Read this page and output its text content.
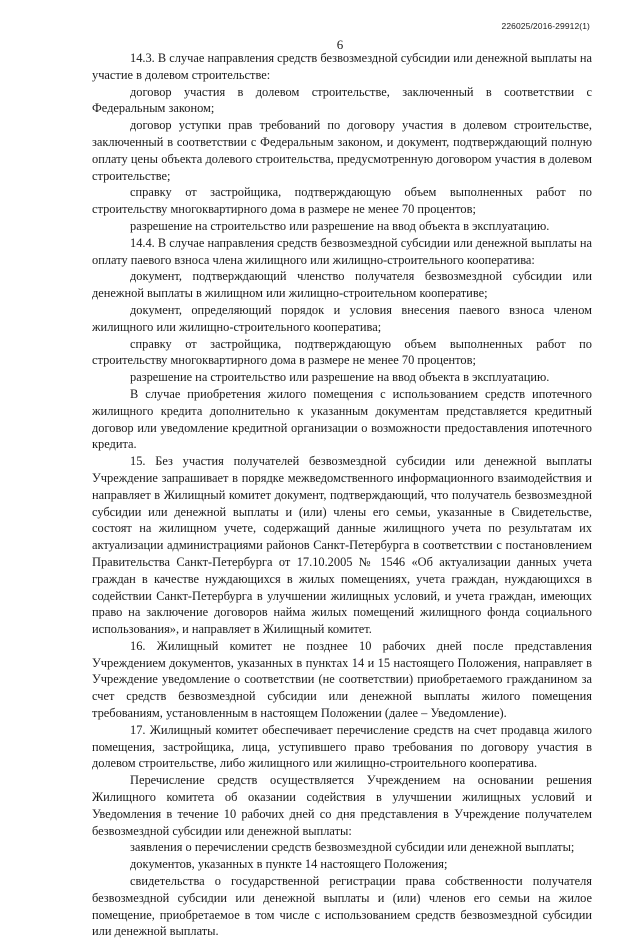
226025/2016-29912(1)
6

14.3. В случае направления средств безвозмездной субсидии или денежной выплаты на участие в долевом строительстве:

договор участия в долевом строительстве, заключенный в соответствии с Федеральным законом;

договор уступки прав требований по договору участия в долевом строительстве, заключенный в соответствии с Федеральным законом, и документ, подтверждающий полную оплату цены объекта долевого строительства, предусмотренную договором участия в долевом строительстве;

справку от застройщика, подтверждающую объем выполненных работ по строительству многоквартирного дома в размере не менее 70 процентов;

разрешение на строительство или разрешение на ввод объекта в эксплуатацию.

14.4. В случае направления средств безвозмездной субсидии или денежной выплаты на оплату паевого взноса члена жилищного или жилищно-строительного кооператива:

документ, подтверждающий членство получателя безвозмездной субсидии или денежной выплаты в жилищном или жилищно-строительном кооперативе;

документ, определяющий порядок и условия внесения паевого взноса членом жилищного или жилищно-строительного кооператива;

справку от застройщика, подтверждающую объем выполненных работ по строительству многоквартирного дома в размере не менее 70 процентов;

разрешение на строительство или разрешение на ввод объекта в эксплуатацию.

В случае приобретения жилого помещения с использованием средств ипотечного жилищного кредита дополнительно к указанным документам представляется кредитный договор или уведомление кредитной организации о возможности предоставления ипотечного кредита.

15. Без участия получателей безвозмездной субсидии или денежной выплаты Учреждение запрашивает в порядке межведомственного информационного взаимодействия и направляет в Жилищный комитет документ, подтверждающий, что получатель безвозмездной субсидии или денежной выплаты и (или) члены его семьи, указанные в Свидетельстве, состоят на жилищном учете, содержащий данные жилищного учета по результатам их актуализации администрациями районов Санкт-Петербурга в соответствии с постановлением Правительства Санкт-Петербурга от 17.10.2005 № 1546 «Об актуализации данных учета граждан в качестве нуждающихся в жилых помещениях, учета граждан, нуждающихся в содействии Санкт-Петербурга в улучшении жилищных условий, и учета граждан, имеющих право на заключение договоров найма жилых помещений жилищного фонда социального использования», и направляет в Жилищный комитет.

16. Жилищный комитет не позднее 10 рабочих дней после представления Учреждением документов, указанных в пунктах 14 и 15 настоящего Положения, направляет в Учреждение уведомление о соответствии (не соответствии) приобретаемого гражданином за счет средств безвозмездной субсидии или денежной выплаты жилого помещения требованиям, установленным в настоящем Положении (далее – Уведомление).

17. Жилищный комитет обеспечивает перечисление средств на счет продавца жилого помещения, застройщика, лица, уступившего право требования по договору участия в долевом строительстве, либо жилищного или жилищно-строительного кооператива.

Перечисление средств осуществляется Учреждением на основании решения Жилищного комитета об оказании содействия в улучшении жилищных условий и Уведомления в течение 10 рабочих дней со дня представления в Учреждение получателем безвозмездной субсидии или денежной выплаты:

заявления о перечислении средств безвозмездной субсидии или денежной выплаты;

документов, указанных в пункте 14 настоящего Положения;

свидетельства о государственной регистрации права собственности получателя безвозмездной субсидии или денежной выплаты и (или) членов его семьи на жилое помещение, приобретаемое в том числе с использованием средств безвозмездной субсидии или денежной выплаты.
